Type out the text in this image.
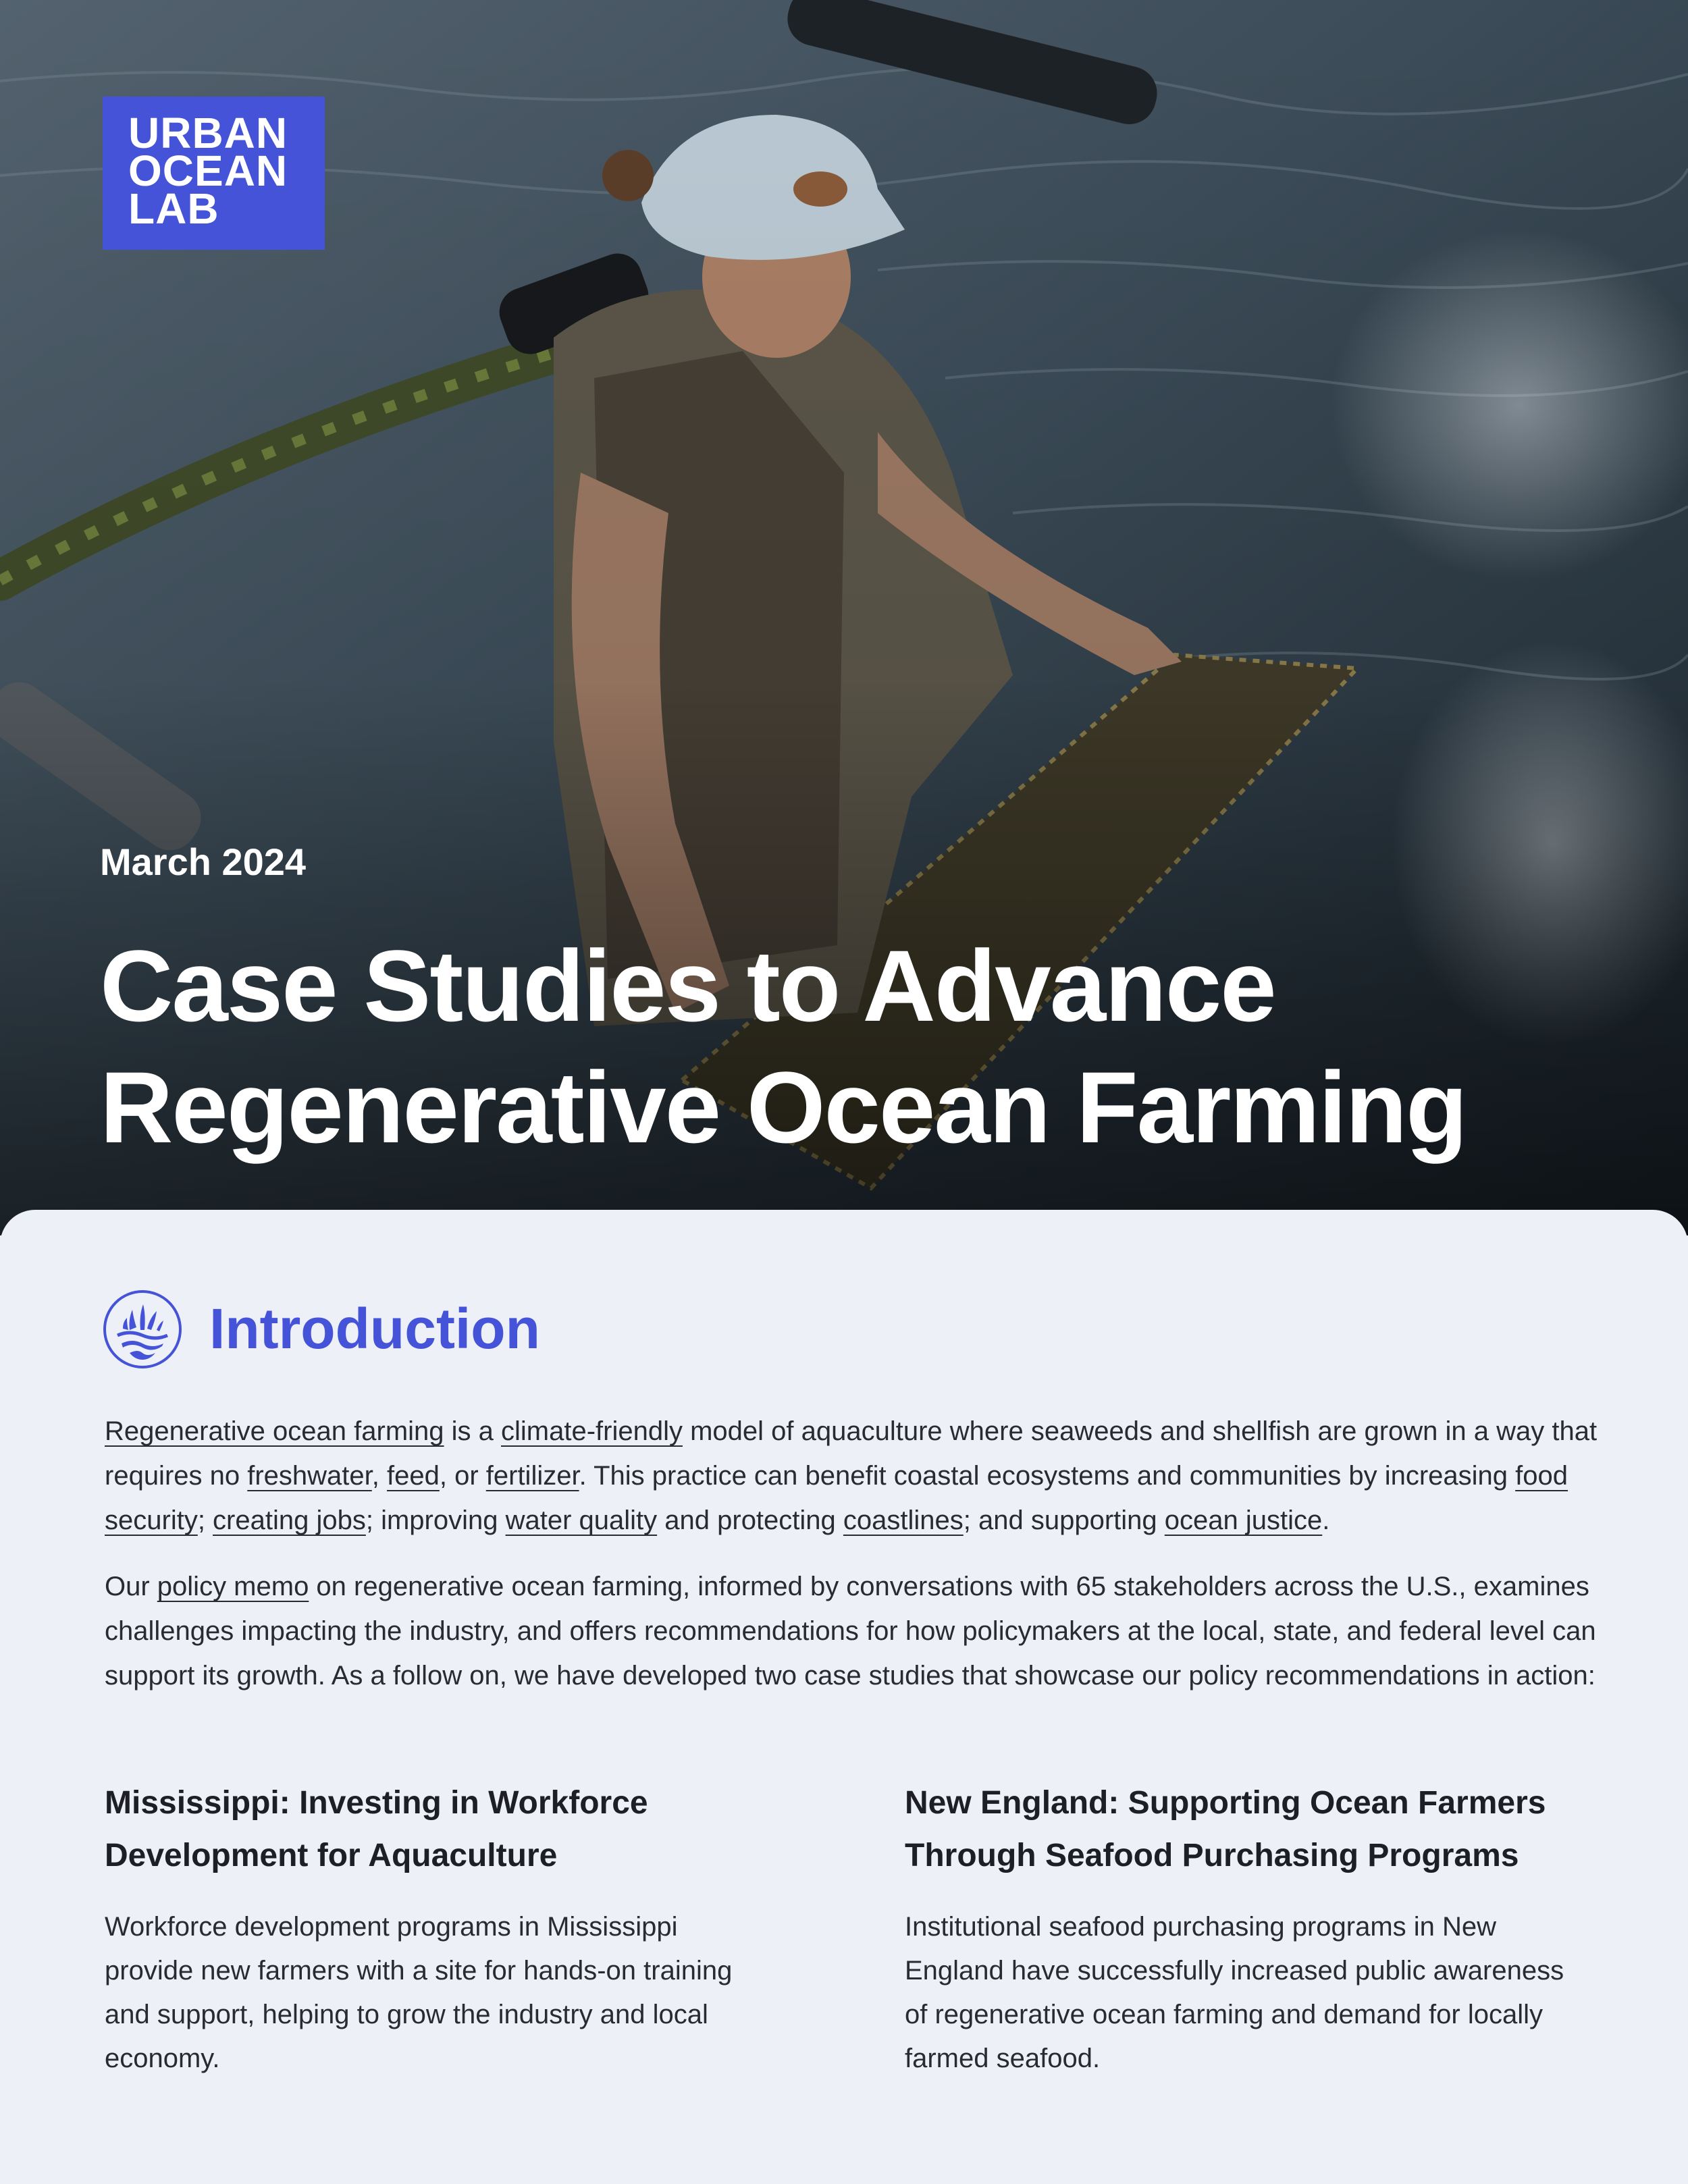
URBAN
OCEAN
LAB
March 2024
Case Studies to Advance
Regenerative Ocean Farming
Introduction
Regenerative ocean farming is a climate-friendly model of aquaculture where seaweeds and shellfish are grown in a way that requires no freshwater, feed, or fertilizer. This practice can benefit coastal ecosystems and communities by increasing food security; creating jobs; improving water quality and protecting coastlines; and supporting ocean justice.
Our policy memo on regenerative ocean farming, informed by conversations with 65 stakeholders across the U.S., examines challenges impacting the industry, and offers recommendations for how policymakers at the local, state, and federal level can support its growth. As a follow on, we have developed two case studies that showcase our policy recommendations in action:
Mississippi: Investing in Workforce
Development for Aquaculture
Workforce development programs in Mississippi
provide new farmers with a site for hands-on training
and support, helping to grow the industry and local
economy.
New England: Supporting Ocean Farmers
Through Seafood Purchasing Programs
Institutional seafood purchasing programs in New
England have successfully increased public awareness
of regenerative ocean farming and demand for locally
farmed seafood.
